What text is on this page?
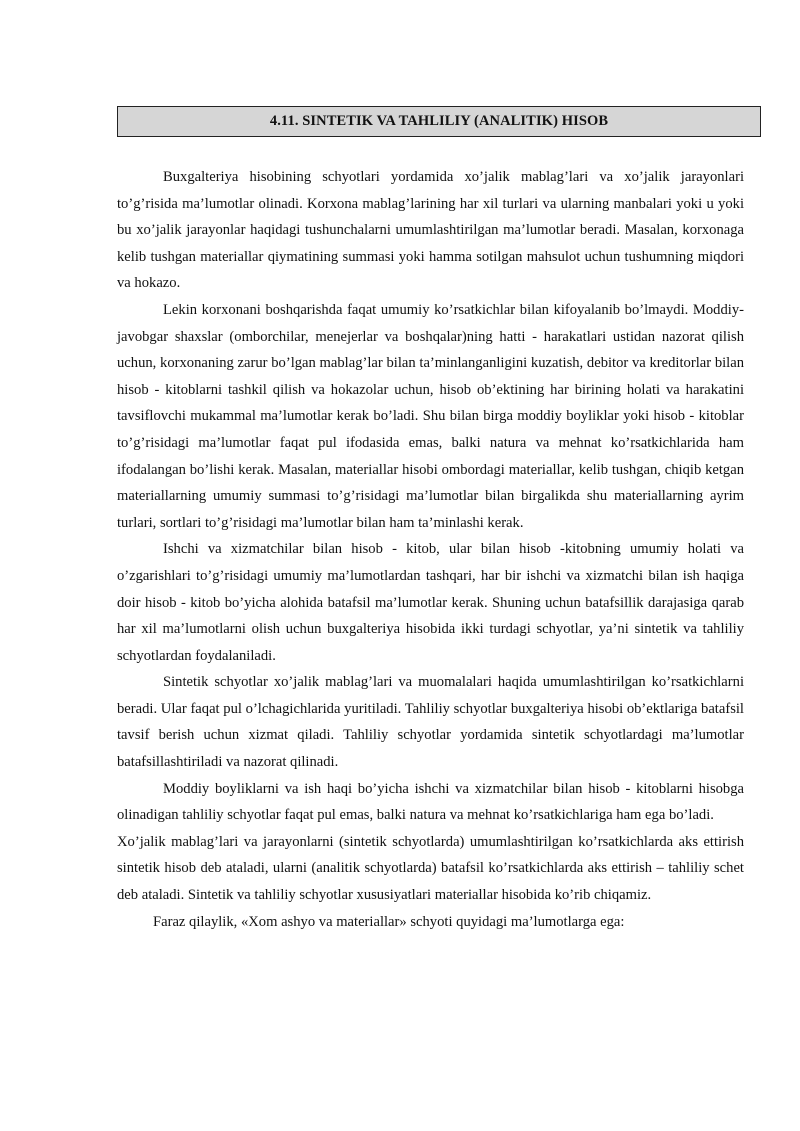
4.11. SINTETIK VA TAHLILIY (ANALITIK) HISOB

Buxgalteriya hisobining schyotlari yordamida xo’jalik mablag’lari va xo’jalik jarayonlari to’g’risida ma’lumotlar olinadi. Korxona mablag’larining har xil turlari va ularning manbalari yoki u yoki bu xo’jalik jarayonlar haqidagi tushunchalarni umumlashtirilgan ma’lumotlar beradi. Masalan, korxonaga kelib tushgan materiallar qiymatining summasi yoki hamma sotilgan mahsulot uchun tushumning miqdori va hokazo.

Lekin korxonani boshqarishda faqat umumiy ko’rsatkichlar bilan kifoyalanib bo’lmaydi. Moddiy-javobgar shaxslar (omborchilar, menejerlar va boshqalar)ning hatti - harakatlari ustidan nazorat qilish uchun, korxonaning zarur bo’lgan mablag’lar bilan ta’minlanganligini kuzatish, debitor va kreditorlar bilan hisob - kitoblarni tashkil qilish va hokazolar uchun, hisob ob’ektining har birining holati va harakatini tavsiflovchi mukammal ma’lumotlar kerak bo’ladi. Shu bilan birga moddiy boyliklar yoki hisob - kitoblar to’g’risidagi ma’lumotlar faqat pul ifodasida emas, balki natura va mehnat ko’rsatkichlarida ham ifodalangan bo’lishi kerak. Masalan, materiallar hisobi ombordagi materiallar, kelib tushgan, chiqib ketgan materiallarning umumiy summasi to’g’risidagi ma’lumotlar bilan birgalikda shu materiallarning ayrim turlari, sortlari to’g’risidagi ma’lumotlar bilan ham ta’minlashi kerak.

Ishchi va xizmatchilar bilan hisob - kitob, ular bilan hisob -kitobning umumiy holati va o’zgarishlari to’g’risidagi umumiy ma’lumotlardan tashqari, har bir ishchi va xizmatchi bilan ish haqiga doir hisob - kitob bo’yicha alohida batafsil ma’lumotlar kerak. Shuning uchun batafsillik darajasiga qarab har xil ma’lumotlarni olish uchun buxgalteriya hisobida ikki turdagi schyotlar, ya’ni sintetik va tahliliy schyotlardan foydalaniladi.

Sintetik schyotlar xo’jalik mablag’lari va muomalalari haqida umumlashtirilgan ko’rsatkichlarni beradi. Ular faqat pul o’lchagichlarida yuritiladi. Tahliliy schyotlar buxgalteriya hisobi ob’ektlariga batafsil tavsif berish uchun xizmat qiladi. Tahliliy schyotlar yordamida sintetik schyotlardagi ma’lumotlar batafsillashtiriladi va nazorat qilinadi.

Moddiy boyliklarni va ish haqi bo’yicha ishchi va xizmatchilar bilan hisob - kitoblarni hisobga olinadigan tahliliy schyotlar faqat pul emas, balki natura va mehnat ko’rsatkichlariga ham ega bo’ladi.

Xo’jalik mablag’lari va jarayonlarni (sintetik schyotlarda) umumlashtirilgan ko’rsatkichlarda aks ettirish sintetik hisob deb ataladi, ularni (analitik schyotlarda) batafsil ko’rsatkichlarda aks ettirish – tahliliy schet deb ataladi. Sintetik va tahliliy schyotlar xususiyatlari materiallar hisobida ko’rib chiqamiz.

Faraz qilaylik, «Xom ashyo va materiallar» schyoti quyidagi ma’lumotlarga ega:
